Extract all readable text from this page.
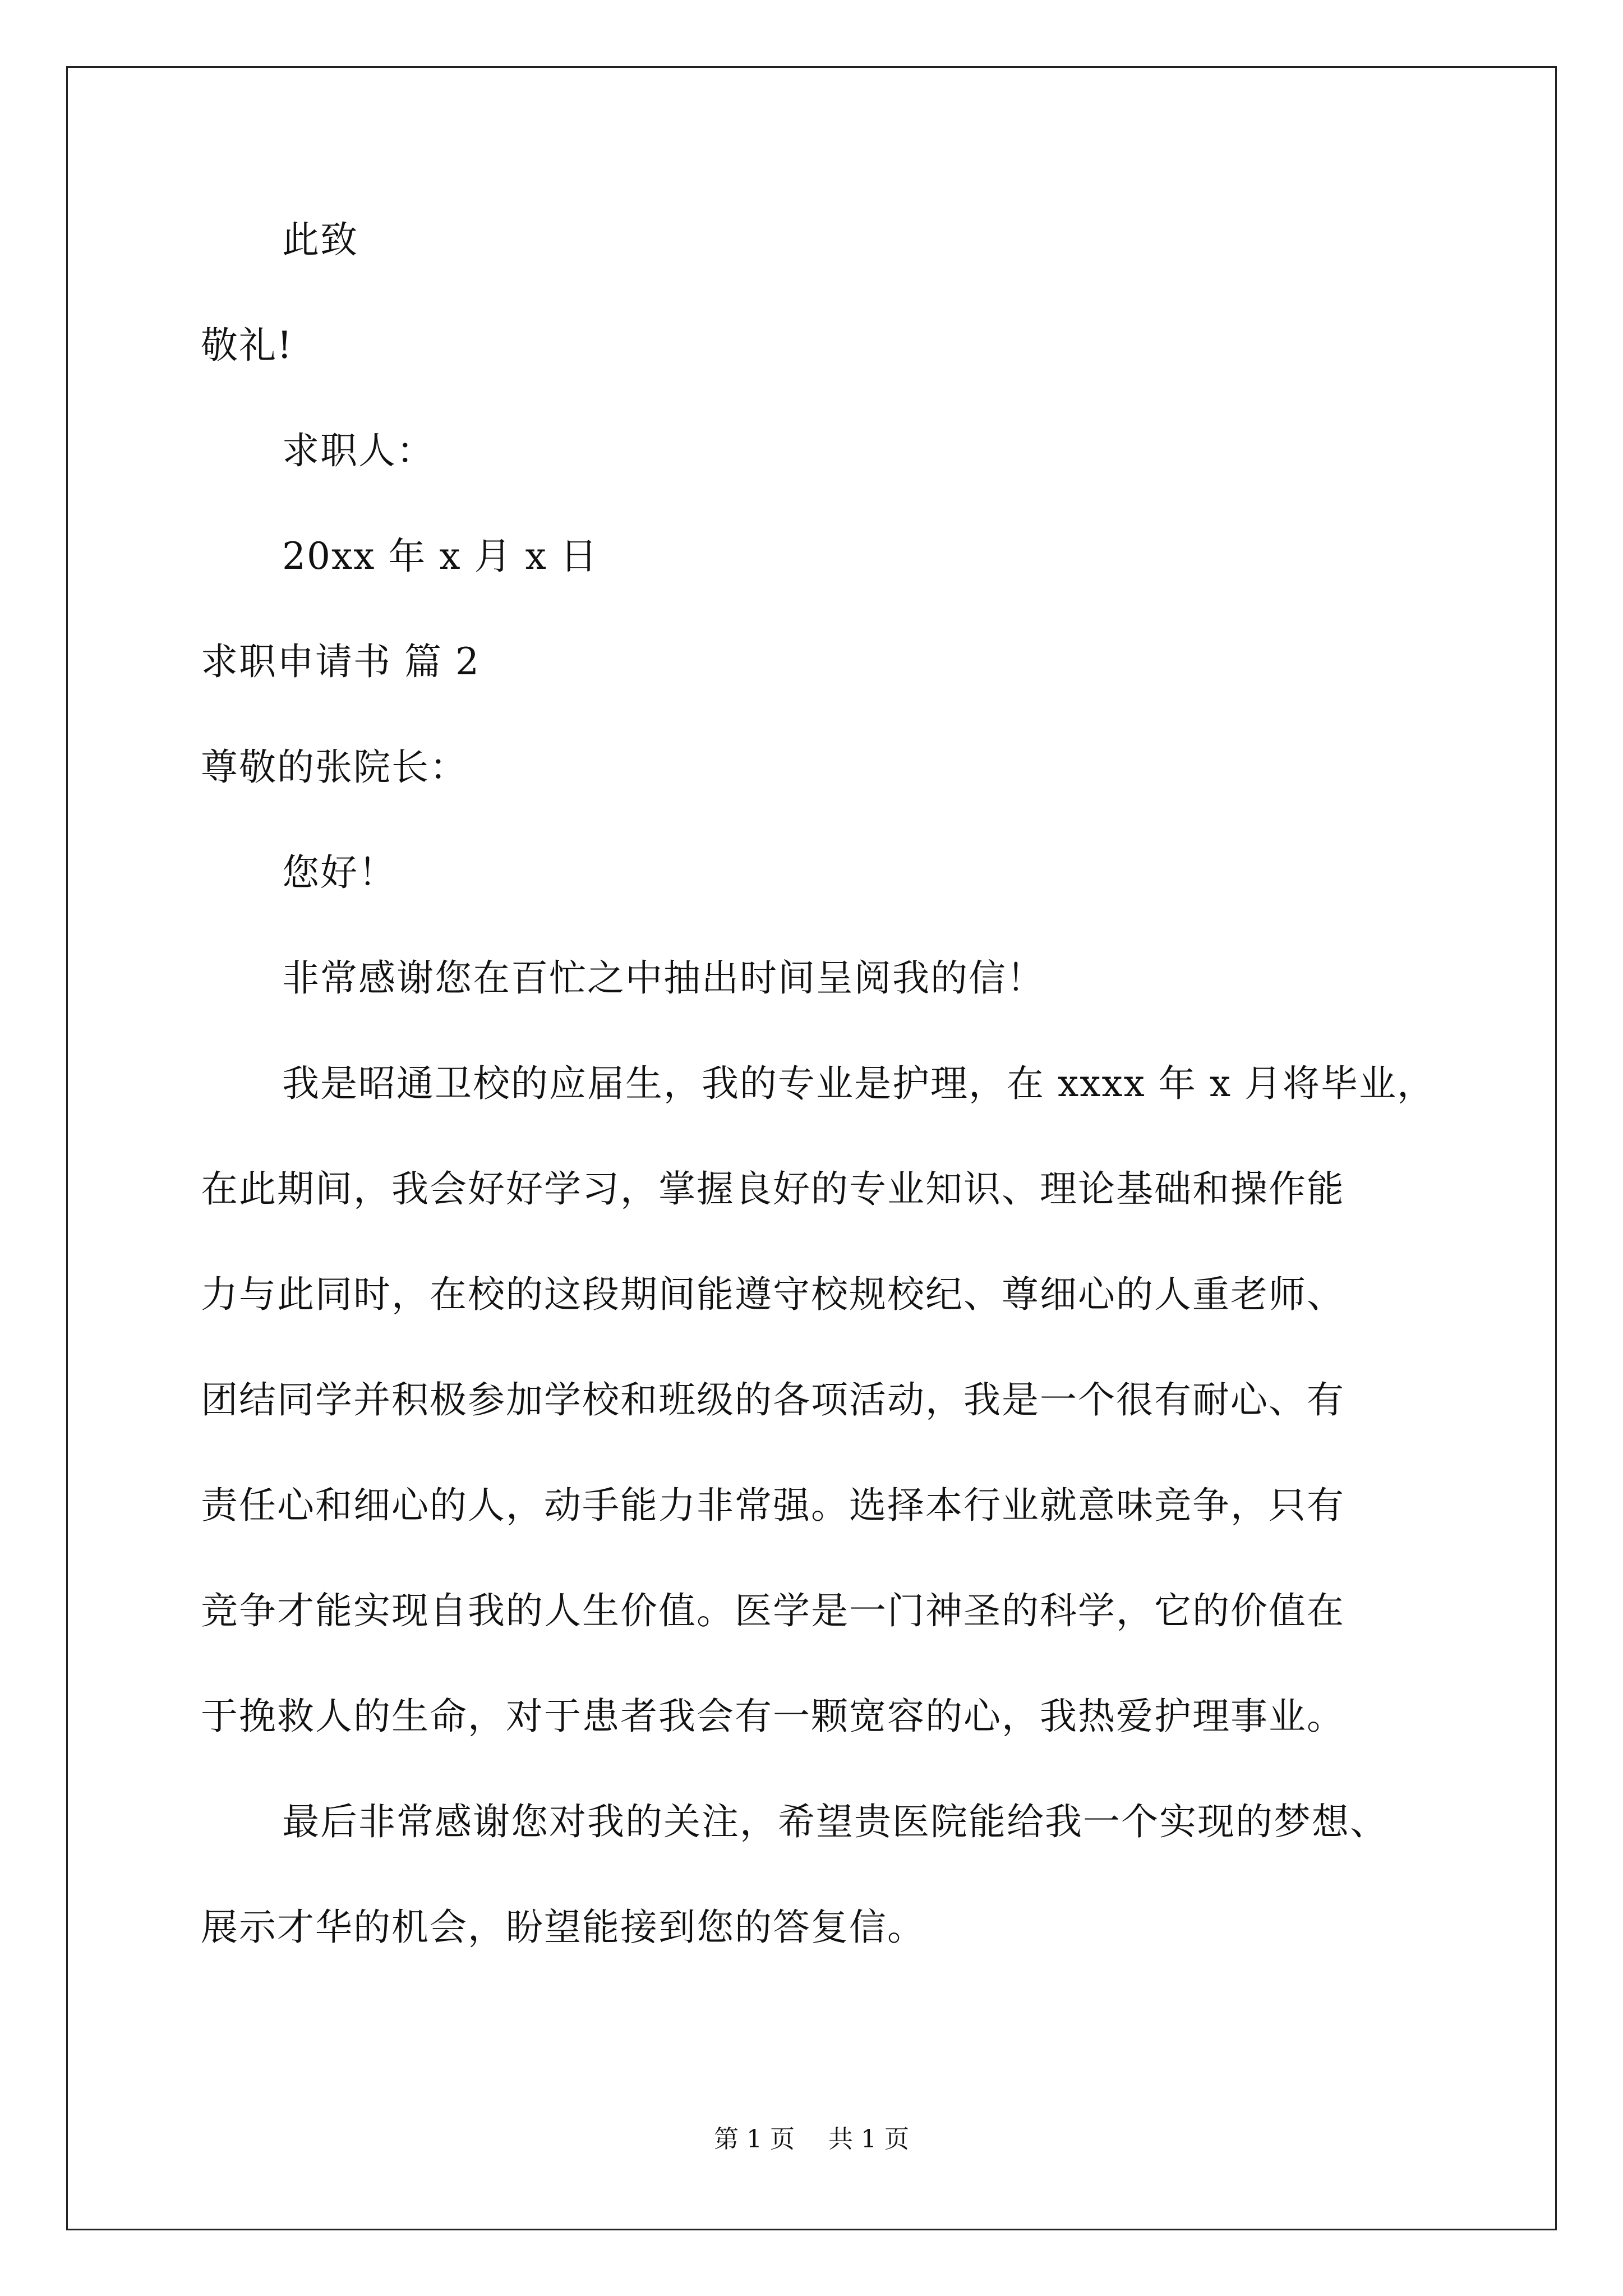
此致
敬礼!
求职人：
20xx 年 x 月 x 日
求职申请书 篇 2
尊敬的张院长：
您好！
非常感谢您在百忙之中抽出时间呈阅我的信！
我是昭通卫校的应届生，我的专业是护理，在 xxxx 年 x 月将毕业，
在此期间，我会好好学习，掌握良好的专业知识、理论基础和操作能
力与此同时，在校的这段期间能遵守校规校纪、尊细心的人重老师、
团结同学并积极参加学校和班级的各项活动，我是一个很有耐心、有
责任心和细心的人，动手能力非常强。选择本行业就意味竞争，只有
竞争才能实现自我的人生价值。医学是一门神圣的科学，它的价值在
于挽救人的生命，对于患者我会有一颗宽容的心，我热爱护理事业。
最后非常感谢您对我的关注，希望贵医院能给我一个实现的梦想、
展示才华的机会，盼望能接到您的答复信。
第 1 页 共 1 页
